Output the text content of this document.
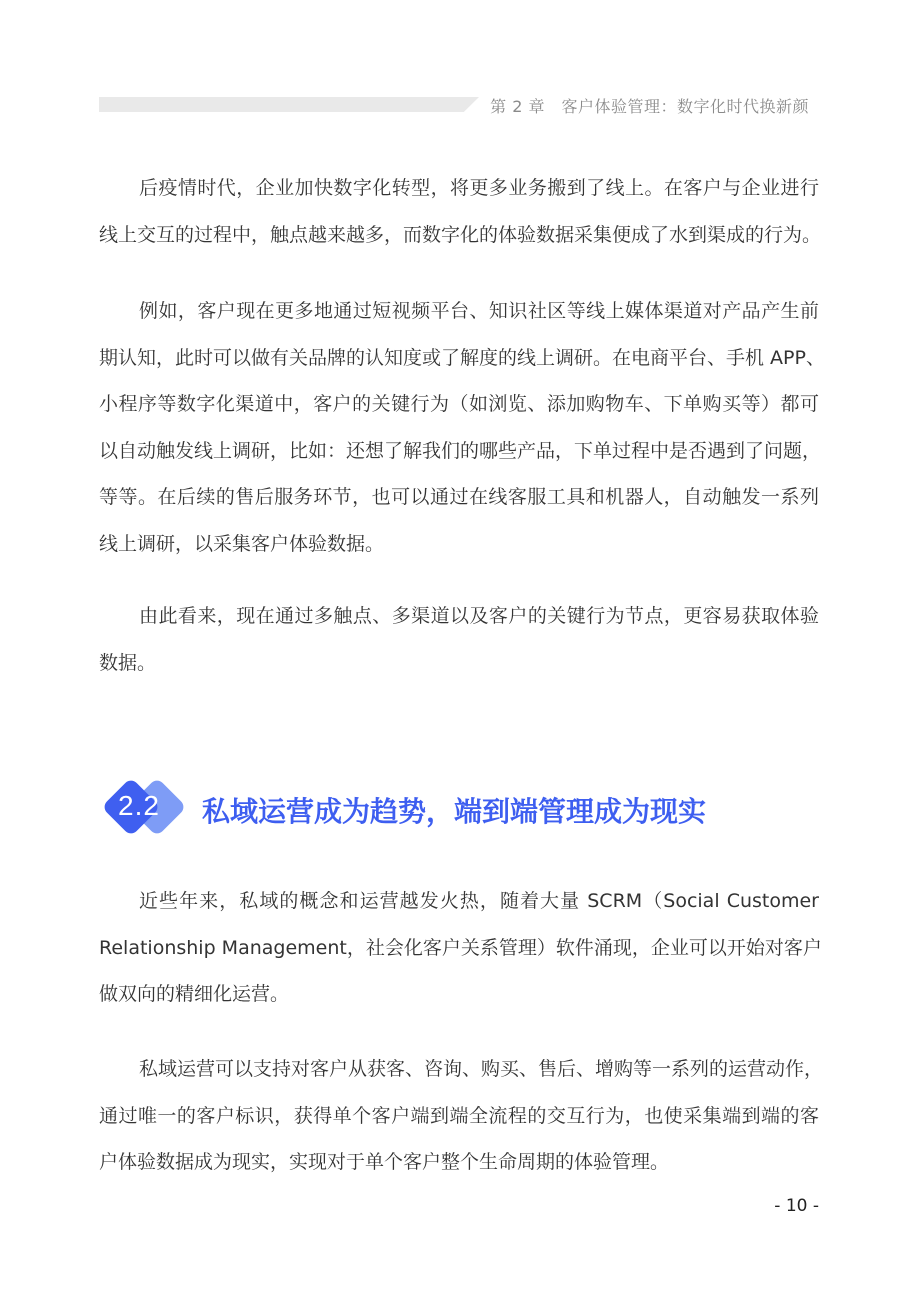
第 2 章　客户体验管理：数字化时代换新颜
后疫情时代，企业加快数字化转型，将更多业务搬到了线上。在客户与企业进行
线上交互的过程中，触点越来越多，而数字化的体验数据采集便成了水到渠成的行为。
例如，客户现在更多地通过短视频平台、知识社区等线上媒体渠道对产品产生前
期认知，此时可以做有关品牌的认知度或了解度的线上调研。在电商平台、手机 APP、
小程序等数字化渠道中，客户的关键行为（如浏览、添加购物车、下单购买等）都可
以自动触发线上调研，比如：还想了解我们的哪些产品，下单过程中是否遇到了问题，
等等。在后续的售后服务环节，也可以通过在线客服工具和机器人，自动触发一系列
线上调研，以采集客户体验数据。
由此看来，现在通过多触点、多渠道以及客户的关键行为节点，更容易获取体验
数据。
近些年来，私域的概念和运营越发火热，随着大量 SCRM（Social Customer
Relationship Management，社会化客户关系管理）软件涌现，企业可以开始对客户
做双向的精细化运营。
私域运营可以支持对客户从获客、咨询、购买、售后、增购等一系列的运营动作，
通过唯一的客户标识，获得单个客户端到端全流程的交互行为，也使采集端到端的客
户体验数据成为现实，实现对于单个客户整个生命周期的体验管理。
2.2 私域运营成为趋势，端到端管理成为现实
- 10 -
